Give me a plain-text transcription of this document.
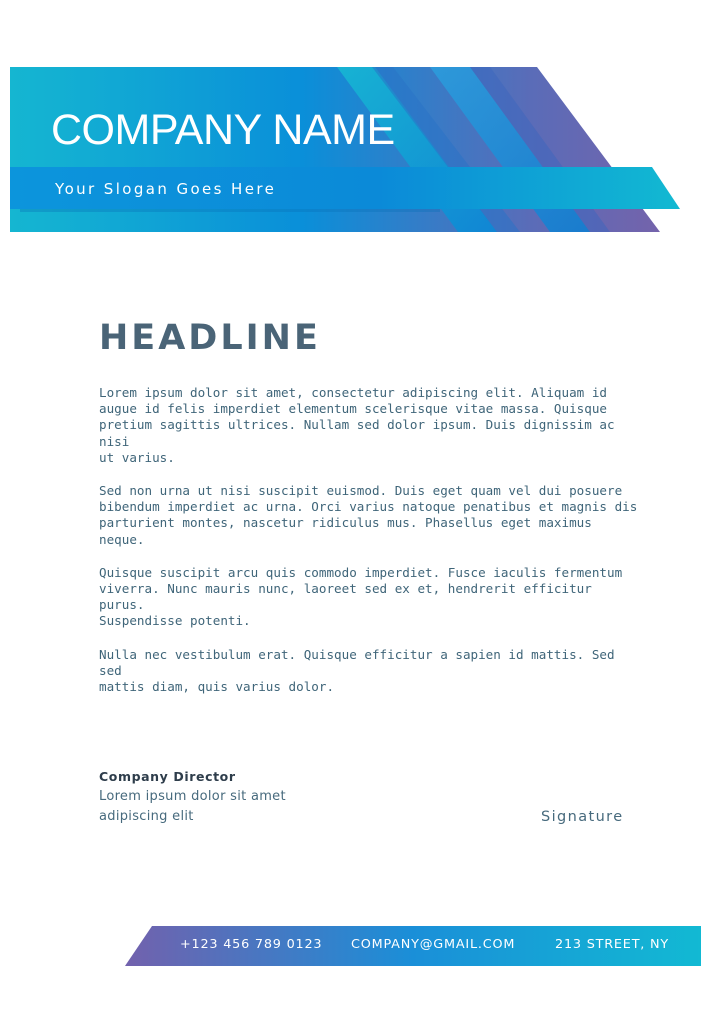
COMPANY NAME
Your Slogan Goes Here
HEADLINE

Lorem ipsum dolor sit amet, consectetur adipiscing elit. Aliquam id
augue id felis imperdiet elementum scelerisque vitae massa. Quisque
pretium sagittis ultrices. Nullam sed dolor ipsum. Duis dignissim ac nisi
ut varius.

Sed non urna ut nisi suscipit euismod. Duis eget quam vel dui posuere
bibendum imperdiet ac urna. Orci varius natoque penatibus et magnis dis
parturient montes, nascetur ridiculus mus. Phasellus eget maximus
neque.

Quisque suscipit arcu quis commodo imperdiet. Fusce iaculis fermentum
viverra. Nunc mauris nunc, laoreet sed ex et, hendrerit efficitur purus.
Suspendisse potenti.

Nulla nec vestibulum erat. Quisque efficitur a sapien id mattis. Sed sed
mattis diam, quis varius dolor.

Company Director
Lorem ipsum dolor sit amet
adipiscing elit	Signature
+123 456 789 0123 COMPANY@GMAIL.COM	213 STREET, NY
